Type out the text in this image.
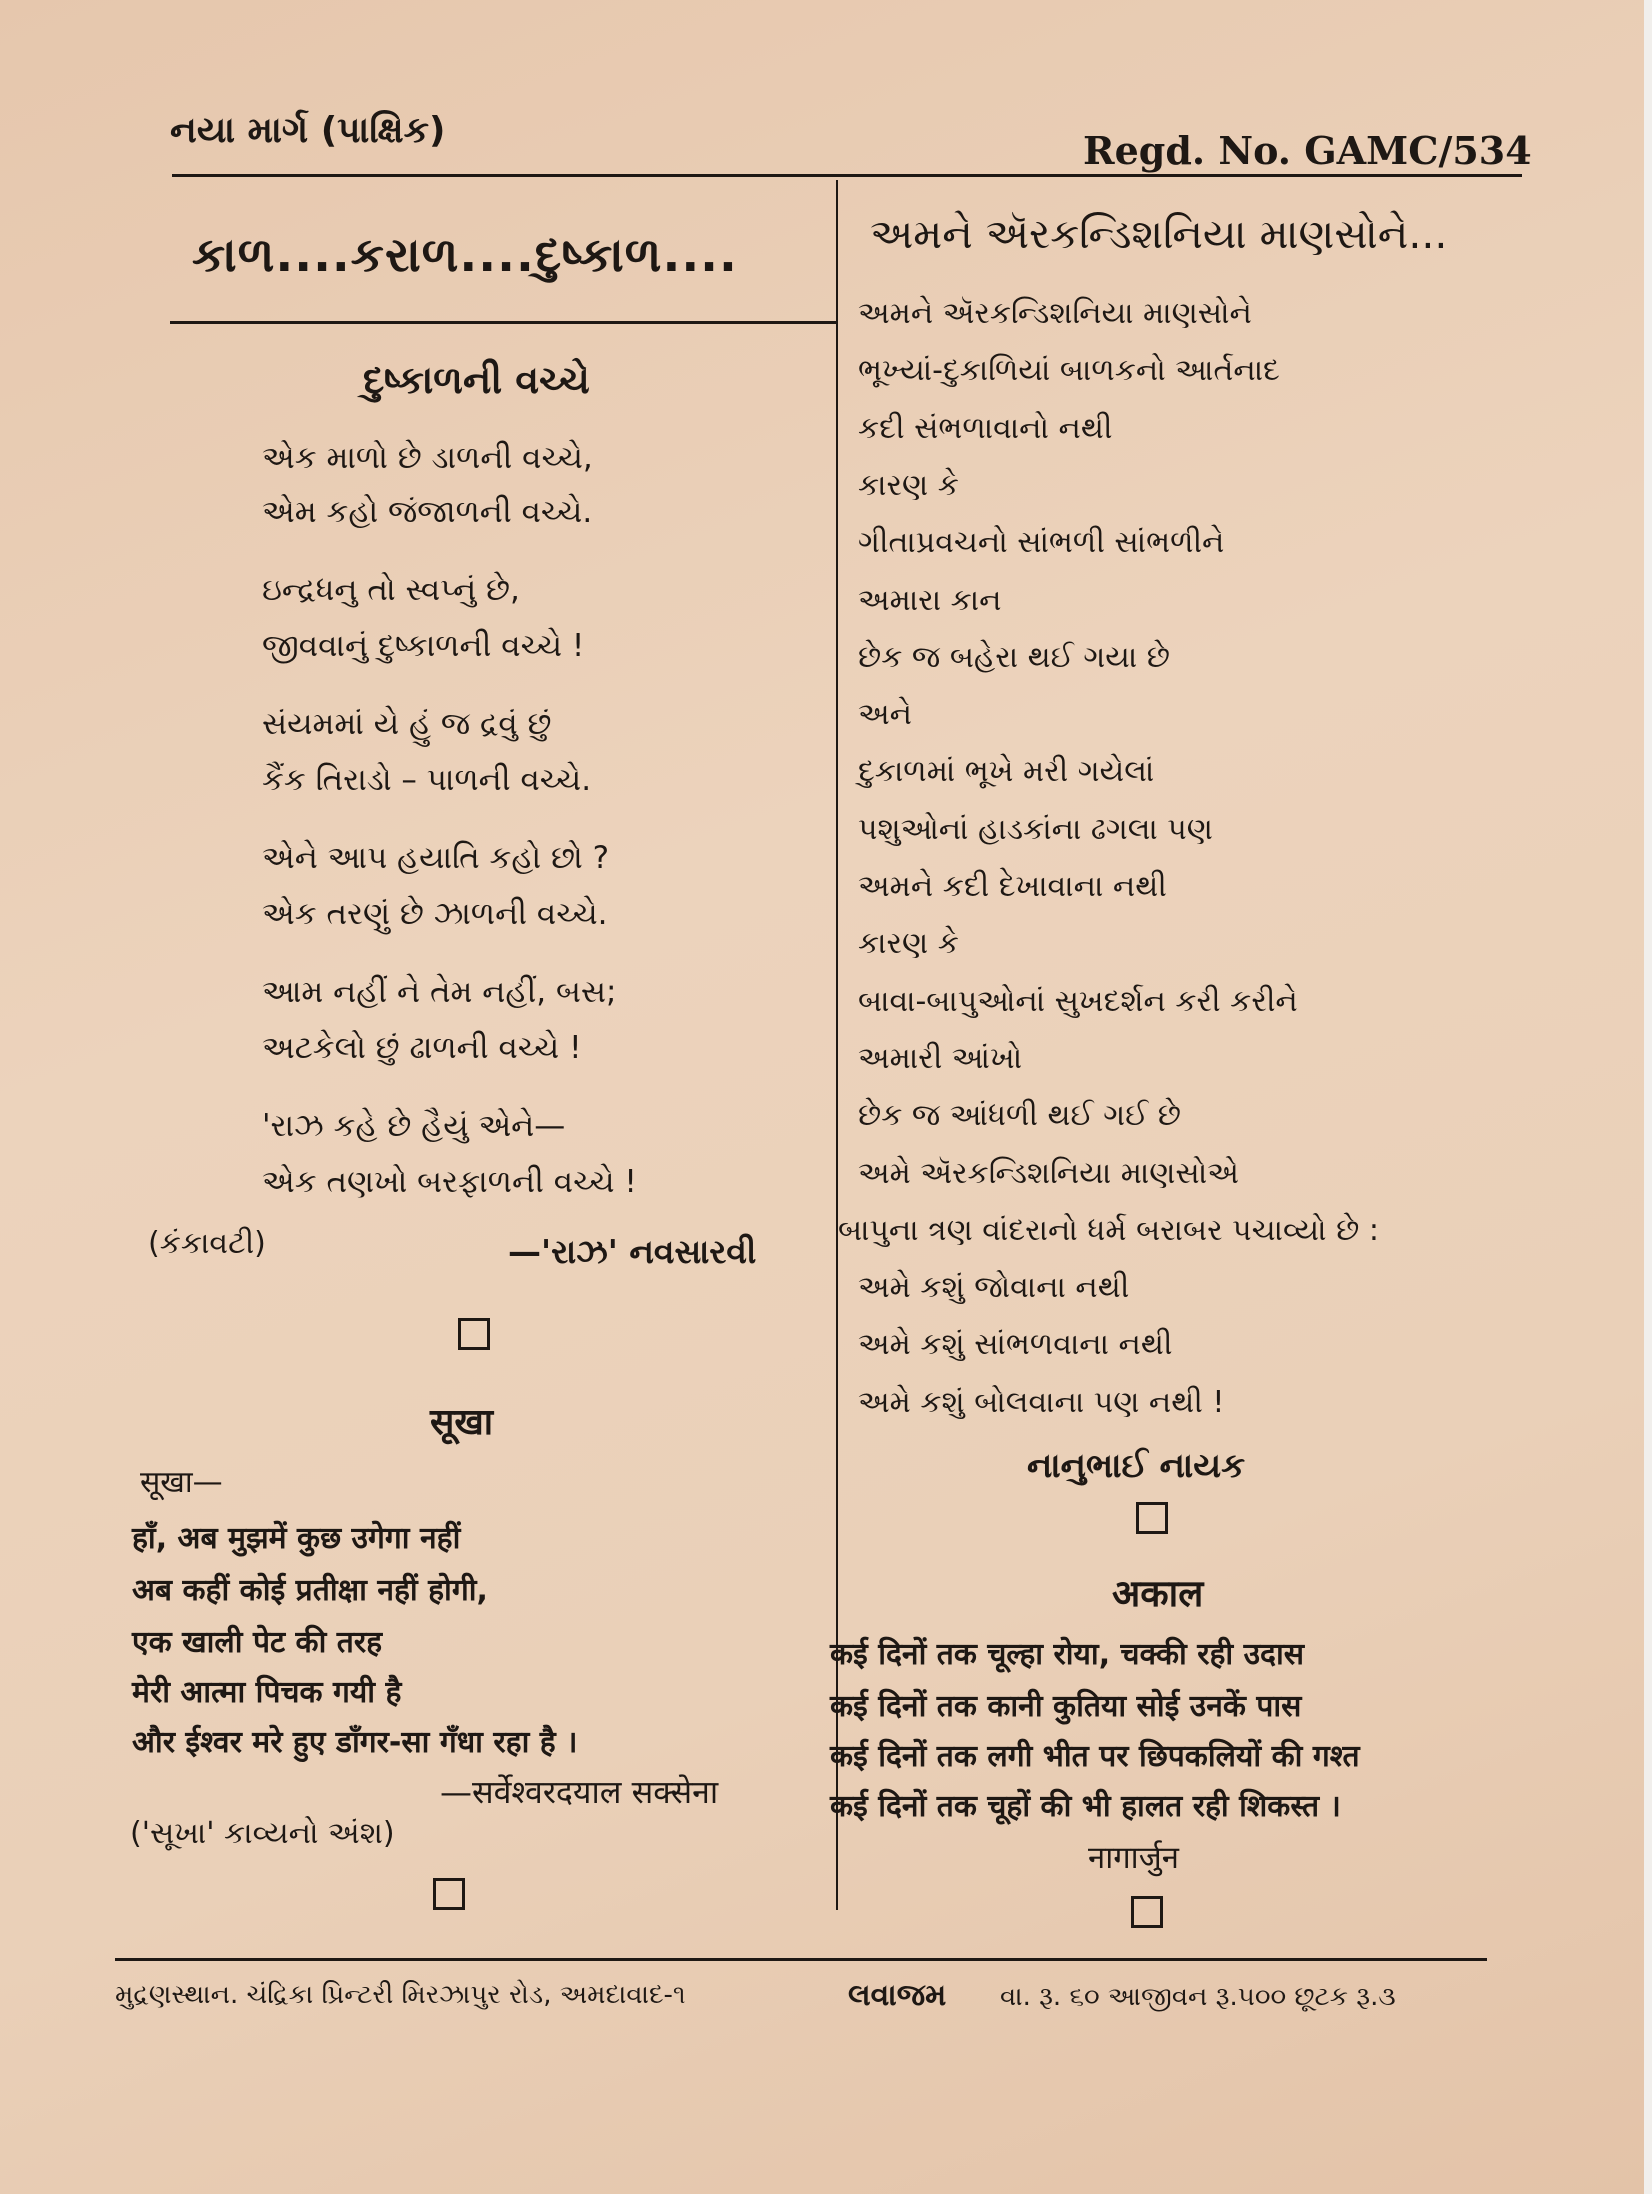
નયા માર્ગ (પાક્ષિક)	Regd. No. GAMC/534
કાળ....કરાળ....દુષ્કાળ....
દુષ્કાળની વચ્ચે
એક માળો છે ડાળની વચ્ચે,
એમ કહો જંજાળની વચ્ચે.
ઇન્દ્રધનુ તો સ્વપ્નું છે,
જીવવાનું દુષ્કાળની વચ્ચે !
સંયમમાં યે હું જ દ્રવું છું
કૈંક તિરાડો – પાળની વચ્ચે.
એને આપ હયાતિ કહો છો ?
એક તરણું છે ઝાળની વચ્ચે.
આમ નહીં ને તેમ નહીં, બસ;
અટકેલો છું ઢાળની વચ્ચે !
'રાઝ કહે છે હૈયું એને—
એક તણખો બરફાળની વચ્ચે !
(કંકાવટી)	—'રાઝ' નવસારવી
सूखा
सूखा—
हाँ, अब मुझमें कुछ उगेगा नहीं
अब कहीं कोई प्रतीक्षा नहीं होगी,
एक खाली पेट की तरह
मेरी आत्मा पिचक गयी है
और ईश्वर मरे हुए डाँगर-सा गँधा रहा है ।
—सर्वेश्वरदयाल सक्सेना
('સૂખા' કાવ્યનો અંશ)
અમને ઍરકન્ડિશનિયા માણસોને...
અમને ઍરકન્ડિશનિયા માણસોને
ભૂખ્યાં-દુકાળિયાં બાળકનો આર્તનાદ
કદી સંભળાવાનો નથી
કારણ કે
ગીતાપ્રવચનો સાંભળી સાંભળીને
અમારા કાન
છેક જ બહેરા થઈ ગયા છે
અને
દુકાળમાં ભૂખે મરી ગયેલાં
પશુઓનાં હાડકાંના ઢગલા પણ
અમને કદી દેખાવાના નથી
કારણ કે
બાવા-બાપુઓનાં સુખદર્શન કરી કરીને
અમારી આંખો
છેક જ આંધળી થઈ ગઈ છે
અમે ઍરકન્ડિશનિયા માણસોએ
બાપુના ત્રણ વાંદરાનો ધર્મ બરાબર પચાવ્યો છે :
અમે કશું જોવાના નથી
અમે કશું સાંભળવાના નથી
અમે કશું બોલવાના પણ નથી !
નાનુભાઈ નાયક
अकाल
कई दिनों तक चूल्हा रोया, चक्की रही उदास
कई दिनों तक कानी कुतिया सोई उनकें पास
कई दिनों तक लगी भीत पर छिपकलियों की गश्त
कई दिनों तक चूहों की भी हालत रही शिकस्त ।
नागार्जुन
મુદ્રણસ્થાન. ચંદ્રિકા પ્રિન્ટરી મિરઝાપુર રોડ, અમદાવાદ-૧	લવાજમ વા. રૂ. ૬૦ આજીવન રૂ.૫૦૦ છૂટક રૂ.૩
